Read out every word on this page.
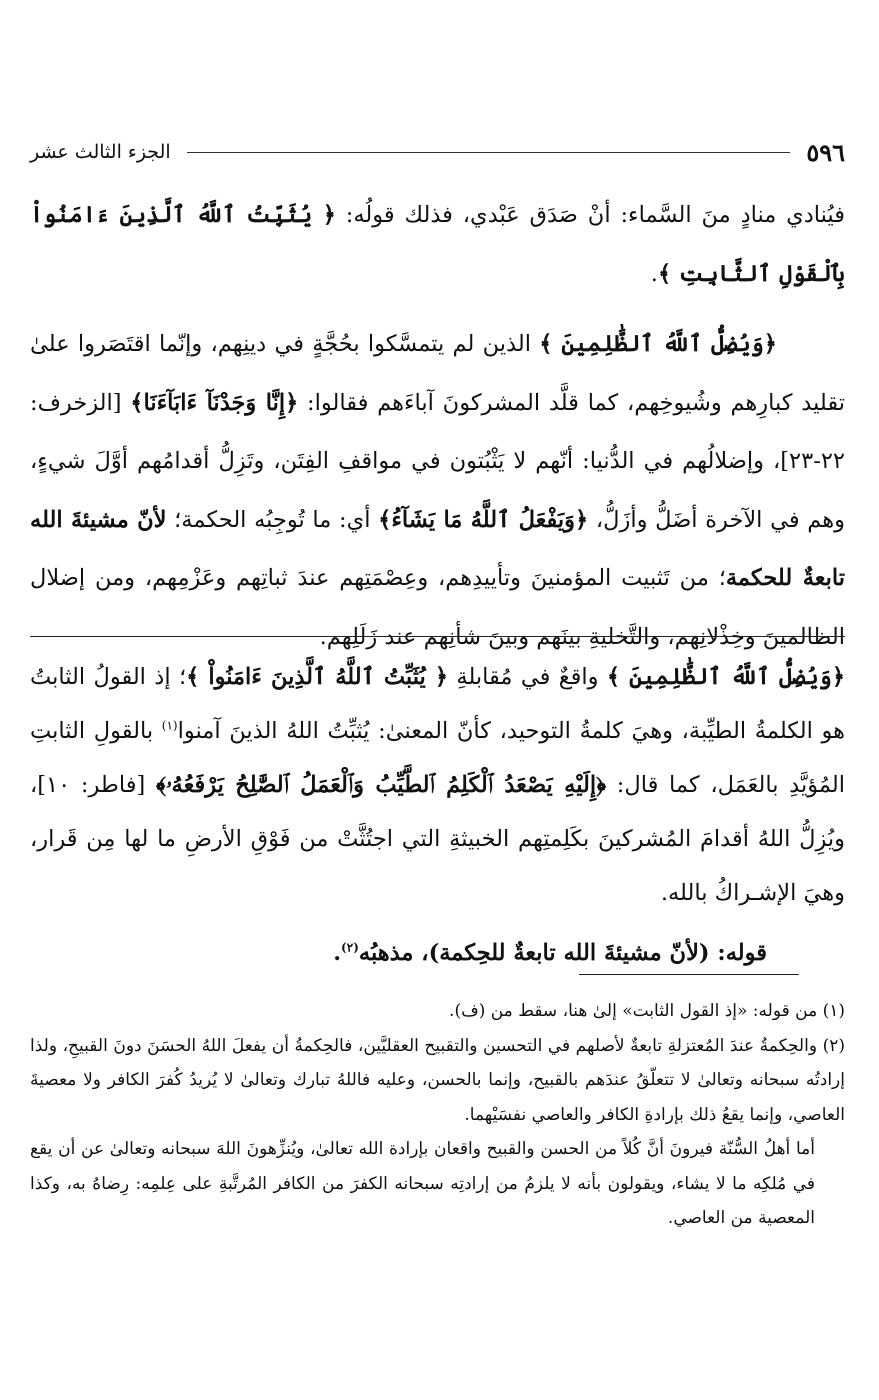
٥٩٦
الجزء الثالث عشر

فيُنادي منادٍ منَ السَّماء: أنْ صَدَق عَبْدي، فذلك قولُه: ﴿ يُثَبِّتُ ٱللَّهُ ٱلَّذِينَ ءَامَنُواْ بِٱلْقَوْلِ ٱلثَّابِتِ ﴾.

﴿وَيُضِلُّ ٱللَّهُ ٱلظَّٰلِمِينَ ﴾ الذين لم يتمسَّكوا بحُجَّةٍ في دينِهم، وإنّما اقتَصَروا علىٰ تقليد كبارِهم وشُيوخِهم، كما قلَّد المشركونَ آباءَهم فقالوا: ﴿إِنَّا وَجَدْنَآ ءَابَآءَنَا﴾ [الزخرف: ٢٢-٢٣]، وإضلالُهم في الدُّنيا: أنّهم لا يَثْبُتون في مواقفِ الفِتَن، وتَزِلُّ أقدامُهم أوَّلَ شيءٍ، وهم في الآخرة أضَلُّ وأزَلُّ، ﴿وَيَفْعَلُ ٱللَّهُ مَا يَشَآءُ﴾ أي: ما تُوجِبُه الحكمة؛ لأنّ مشيئةَ الله تابعةٌ للحكمة؛ من تَثبيت المؤمنينَ وتأييدِهم، وعِصْمَتِهم عندَ ثباتِهم وعَزْمِهم، ومن إضلال الظالمينَ وخِذْلانِهم، والتَّخليةِ بينَهم وبينَ شأنِهم عند زَلَلِهم.

﴿وَيُضِلُّ ٱللَّهُ ٱلظَّٰلِمِينَ ﴾ واقعٌ في مُقابلةِ ﴿ يُثَبِّتُ ٱللَّهُ ٱلَّذِينَ ءَامَنُواْ ﴾؛ إذ القولُ الثابتُ هو الكلمةُ الطيِّبة، وهيَ كلمةُ التوحيد، كأنّ المعنىٰ: يُثبِّتُ اللهُ الذينَ آمنوا$^{(١)}$ بالقولِ الثابتِ المُؤيَّدِ بالعَمَل، كما قال: ﴿إِلَيْهِ يَصْعَدُ ٱلْكَلِمُ ٱلطَّيِّبُ وَٱلْعَمَلُ ٱلصَّٰلِحُ يَرْفَعُهُۥ﴾ [فاطر: ١٠]، ويُزِلُّ اللهُ أقدامَ المُشركينَ بكَلِمتِهم الخبيثةِ التي اجتُثَّتْ من فَوْقِ الأرضِ ما لها مِن قَرار، وهيَ الإشـراكُ بالله.

قوله: (لأنّ مشيئةَ الله تابعةٌ للحِكمة)، مذهبُه$^{(٢)}$.

(١) من قوله: «إذ القول الثابت» إلىٰ هنا، سقط من (ف).

(٢) والحِكمةُ عندَ المُعتزلةِ تابعةٌ لأصلهم في التحسين والتقبيح العقليَّين، فالحِكمةُ أن يفعلَ اللهُ الحسَنَ دونَ القبيحِ، ولذا إرادتُه سبحانه وتعالىٰ لا تتعلّقُ عندَهم بالقبيح، وإنما بالحسن، وعليه فاللهُ تبارك وتعالىٰ لا يُريدُ كُفرَ الكافر ولا معصيةَ العاصي، وإنما يقعُ ذلك بإرادةِ الكافر والعاصي نفسَيْهما.

أما أهلُ السُّنّة فيرونَ أنَّ كُلاً من الحسن والقبيح واقعان بإرادة الله تعالىٰ، ويُنزِّهونَ اللهَ سبحانه وتعالىٰ عن أن يقع في مُلكِه ما لا يشاء، ويقولون بأنه لا يلزمُ من إرادتِه سبحانه الكفرَ من الكافر المُرتَّبةِ على عِلمِه: رِضاهُ به، وكذا المعصية من العاصي.
